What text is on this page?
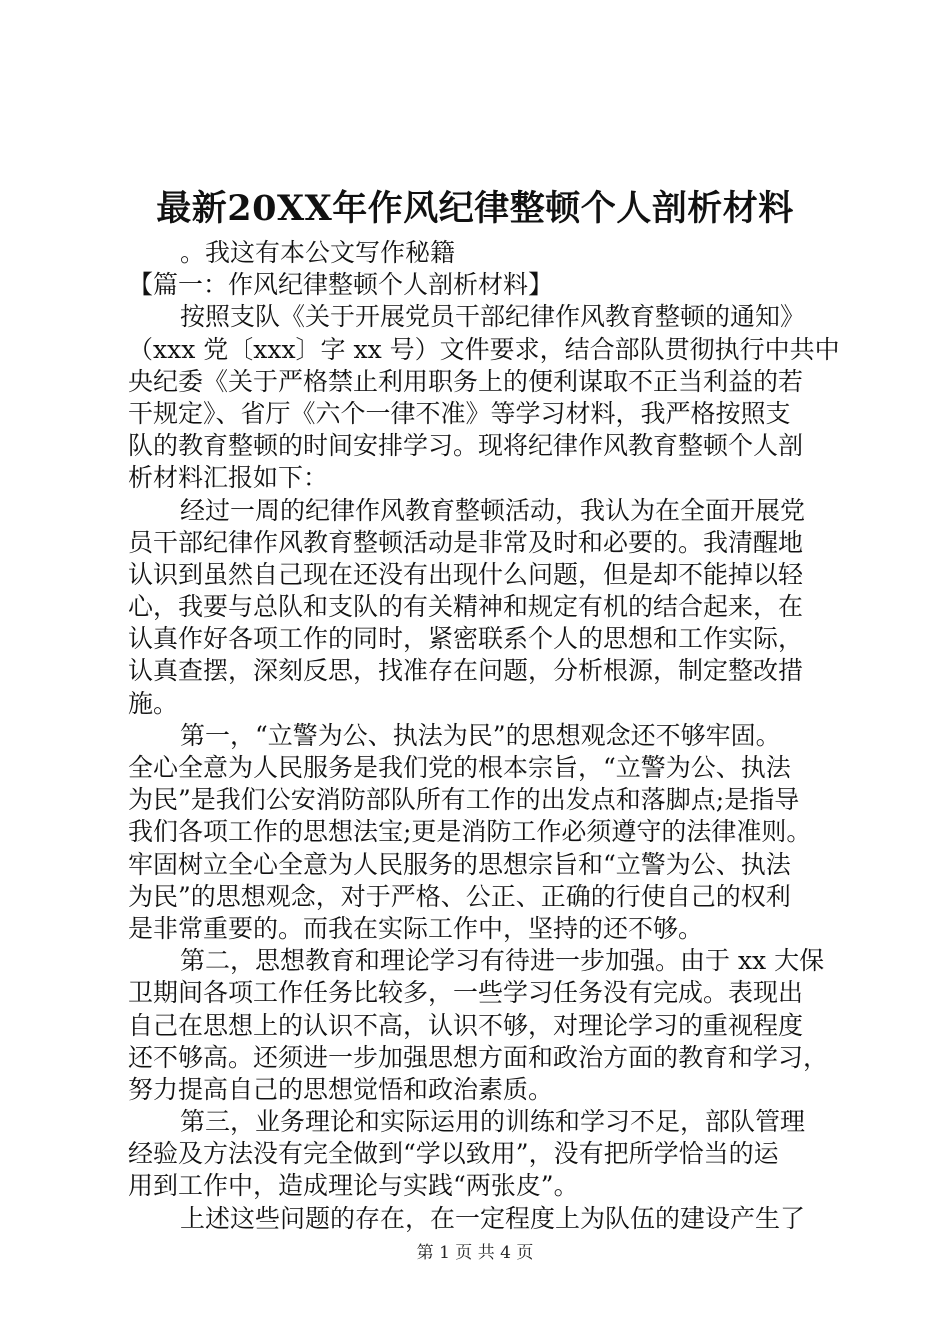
最新20XX年作风纪律整顿个人剖析材料
。我这有本公文写作秘籍
【篇一：作风纪律整顿个人剖析材料】
按照支队《关于开展党员干部纪律作风教育整顿的通知》
（xxx 党〔xxx〕字 xx 号）文件要求，结合部队贯彻执行中共中
央纪委《关于严格禁止利用职务上的便利谋取不正当利益的若
干规定》、省厅《六个一律不准》等学习材料，我严格按照支
队的教育整顿的时间安排学习。现将纪律作风教育整顿个人剖
析材料汇报如下：
经过一周的纪律作风教育整顿活动，我认为在全面开展党
员干部纪律作风教育整顿活动是非常及时和必要的。我清醒地
认识到虽然自己现在还没有出现什么问题，但是却不能掉以轻
心，我要与总队和支队的有关精神和规定有机的结合起来，在
认真作好各项工作的同时，紧密联系个人的思想和工作实际，
认真查摆，深刻反思，找准存在问题，分析根源，制定整改措
施。
第一，“立警为公、执法为民”的思想观念还不够牢固。
全心全意为人民服务是我们党的根本宗旨，“立警为公、执法
为民”是我们公安消防部队所有工作的出发点和落脚点;是指导
我们各项工作的思想法宝;更是消防工作必须遵守的法律准则。
牢固树立全心全意为人民服务的思想宗旨和“立警为公、执法
为民”的思想观念，对于严格、公正、正确的行使自己的权利
是非常重要的。而我在实际工作中，坚持的还不够。
第二，思想教育和理论学习有待进一步加强。由于 xx 大保
卫期间各项工作任务比较多，一些学习任务没有完成。表现出
自己在思想上的认识不高，认识不够，对理论学习的重视程度
还不够高。还须进一步加强思想方面和政治方面的教育和学习，
努力提高自己的思想觉悟和政治素质。
第三，业务理论和实际运用的训练和学习不足，部队管理
经验及方法没有完全做到“学以致用”，没有把所学恰当的运
用到工作中，造成理论与实践“两张皮”。
上述这些问题的存在，在一定程度上为队伍的建设产生了
第 1 页 共 4 页
